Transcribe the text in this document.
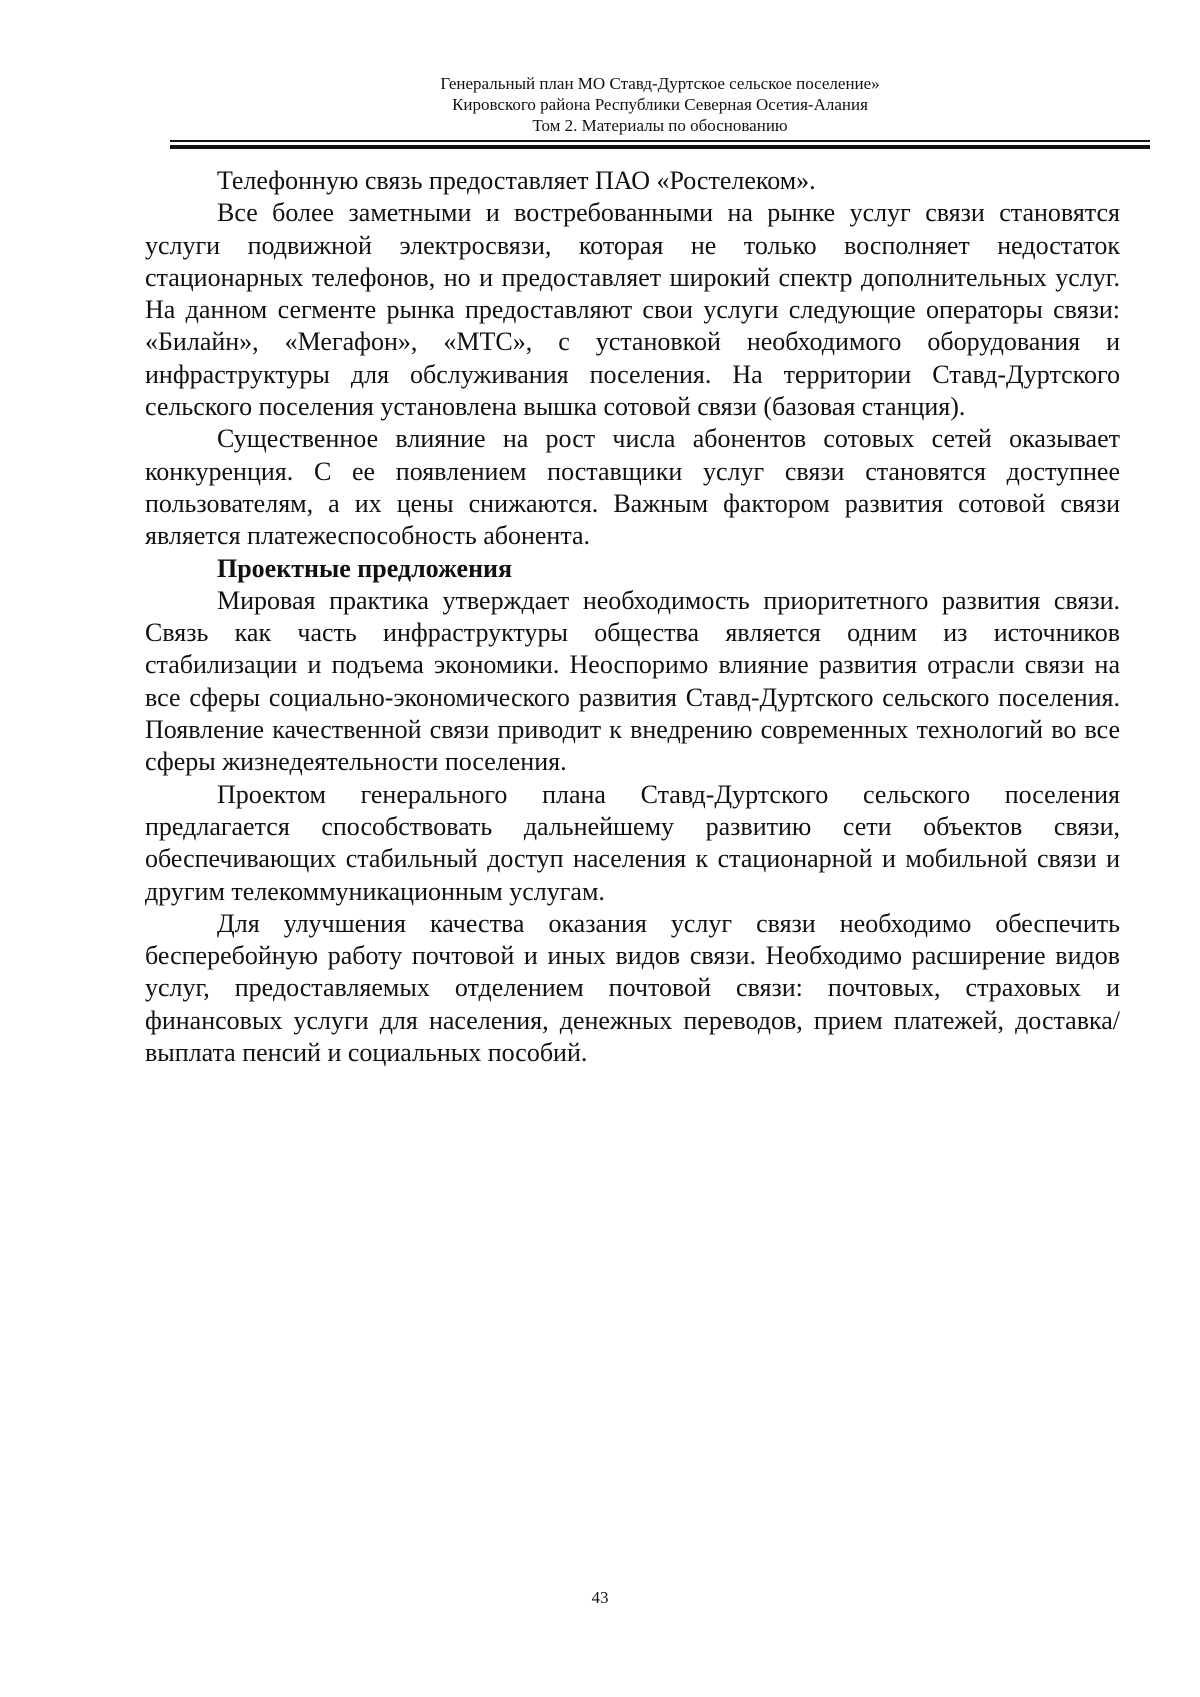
Генеральный план МО Ставд-Дуртское сельское поселение»
Кировского района Республики Северная Осетия-Алания
Том 2. Материалы по обоснованию

Телефонную связь предоставляет ПАО «Ростелеком».

Все более заметными и востребованными на рынке услуг связи становятся услуги подвижной электросвязи, которая не только восполняет недостаток стационарных телефонов, но и предоставляет широкий спектр дополнительных услуг. На данном сегменте рынка предоставляют свои услуги следующие операторы связи: «Билайн», «Мегафон», «МТС», с установкой необходимого оборудования и инфраструктуры для обслуживания поселения. На территории Ставд-Дуртского сельского поселения установлена вышка сотовой связи (базовая станция).

Существенное влияние на рост числа абонентов сотовых сетей оказывает конкуренция. С ее появлением поставщики услуг связи становятся доступнее пользователям, а их цены снижаются. Важным фактором развития сотовой связи является платежеспособность абонента.

Проектные предложения

Мировая практика утверждает необходимость приоритетного развития связи. Связь как часть инфраструктуры общества является одним из источников стабилизации и подъема экономики. Неоспоримо влияние развития отрасли связи на все сферы социально-экономического развития Ставд-Дуртского сельского поселения. Появление качественной связи приводит к внедрению современных технологий во все сферы жизнедеятельности поселения.

Проектом генерального плана Ставд-Дуртского сельского поселения предлагается способствовать дальнейшему развитию сети объектов связи, обеспечивающих стабильный доступ населения к стационарной и мобильной связи и другим телекоммуникационным услугам.

Для улучшения качества оказания услуг связи необходимо обеспечить бесперебойную работу почтовой и иных видов связи. Необходимо расширение видов услуг, предоставляемых отделением почтовой связи: почтовых, страховых и финансовых услуги для населения, денежных переводов, прием платежей, доставка/выплата пенсий и социальных пособий.

43
